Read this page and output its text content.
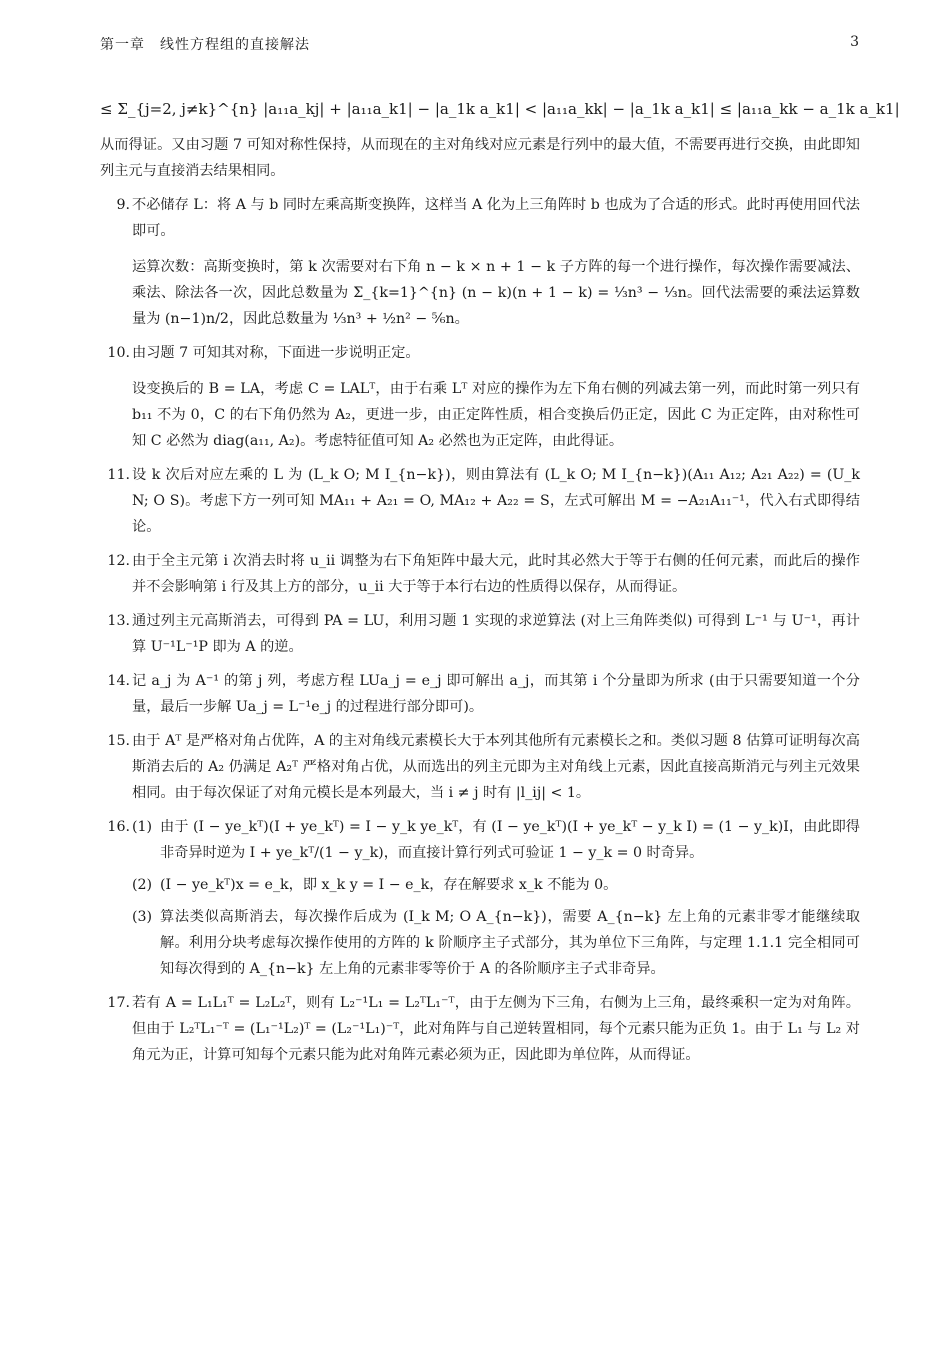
第一章　线性方程组的直接解法	3
≤ Σ_{j=2, j≠k}^{n} |a₁₁a_kj| + |a₁₁a_k1| − |a_1k a_k1| < |a₁₁a_kk| − |a_1k a_k1| ≤ |a₁₁a_kk − a_1k a_k1|

从而得证。又由习题 7 可知对称性保持，从而现在的主对角线对应元素是行列中的最大值，不需要再进行交换，由此即知列主元与直接消去结果相同。

9. 不必储存 L：将 A 与 b 同时左乘高斯变换阵，这样当 A 化为上三角阵时 b 也成为了合适的形式。此时再使用回代法即可。

运算次数：高斯变换时，第 k 次需要对右下角 n − k × n + 1 − k 子方阵的每一个进行操作，每次操作需要减法、乘法、除法各一次，因此总数量为 Σ_{k=1}^{n} (n − k)(n + 1 − k) = ⅓n³ − ⅓n。回代法需要的乘法运算数量为 (n−1)n/2，因此总数量为 ⅓n³ + ½n² − ⅚n。

10. 由习题 7 可知其对称，下面进一步说明正定。

设变换后的 B = LA，考虑 C = LALᵀ，由于右乘 Lᵀ 对应的操作为左下角右侧的列减去第一列，而此时第一列只有 b₁₁ 不为 0，C 的右下角仍然为 A₂，更进一步，由正定阵性质，相合变换后仍正定，因此 C 为正定阵，由对称性可知 C 必然为 diag(a₁₁, A₂)。考虑特征值可知 A₂ 必然也为正定阵，由此得证。

11. 设 k 次后对应左乘的 L 为 (L_k O; M I_{n−k})，则由算法有 (L_k O; M I_{n−k})(A₁₁ A₁₂; A₂₁ A₂₂) = (U_k N; O S)。考虑下方一列可知 MA₁₁ + A₂₁ = O, MA₁₂ + A₂₂ = S，左式可解出 M = −A₂₁A₁₁⁻¹，代入右式即得结论。

12. 由于全主元第 i 次消去时将 u_ii 调整为右下角矩阵中最大元，此时其必然大于等于右侧的任何元素，而此后的操作并不会影响第 i 行及其上方的部分，u_ii 大于等于本行右边的性质得以保存，从而得证。

13. 通过列主元高斯消去，可得到 PA = LU，利用习题 1 实现的求逆算法 (对上三角阵类似) 可得到 L⁻¹ 与 U⁻¹，再计算 U⁻¹L⁻¹P 即为 A 的逆。

14. 记 a_j 为 A⁻¹ 的第 j 列，考虑方程 LUa_j = e_j 即可解出 a_j，而其第 i 个分量即为所求 (由于只需要知道一个分量，最后一步解 Ua_j = L⁻¹e_j 的过程进行部分即可)。

15. 由于 Aᵀ 是严格对角占优阵，A 的主对角线元素模长大于本列其他所有元素模长之和。类似习题 8 估算可证明每次高斯消去后的 A₂ 仍满足 A₂ᵀ 严格对角占优，从而选出的列主元即为主对角线上元素，因此直接高斯消元与列主元效果相同。由于每次保证了对角元模长是本列最大，当 i ≠ j 时有 |l_ij| < 1。

16. (1) 由于 (I − ye_kᵀ)(I + ye_kᵀ) = I − y_k ye_kᵀ，有 (I − ye_kᵀ)(I + ye_kᵀ − y_k I) = (1 − y_k)I，由此即得非奇异时逆为 I + ye_kᵀ/(1 − y_k)，而直接计算行列式可验证 1 − y_k = 0 时奇异。

(2) (I − ye_kᵀ)x = e_k，即 x_k y = I − e_k，存在解要求 x_k 不能为 0。

(3) 算法类似高斯消去，每次操作后成为 (I_k M; O A_{n−k})，需要 A_{n−k} 左上角的元素非零才能继续取解。利用分块考虑每次操作使用的方阵的 k 阶顺序主子式部分，其为单位下三角阵，与定理 1.1.1 完全相同可知每次得到的 A_{n−k} 左上角的元素非零等价于 A 的各阶顺序主子式非奇异。

17. 若有 A = L₁L₁ᵀ = L₂L₂ᵀ，则有 L₂⁻¹L₁ = L₂ᵀL₁⁻ᵀ，由于左侧为下三角，右侧为上三角，最终乘积一定为对角阵。但由于 L₂ᵀL₁⁻ᵀ = (L₁⁻¹L₂)ᵀ = (L₂⁻¹L₁)⁻ᵀ，此对角阵与自己逆转置相同，每个元素只能为正负 1。由于 L₁ 与 L₂ 对角元为正，计算可知每个元素只能为此对角阵元素必须为正，因此即为单位阵，从而得证。
